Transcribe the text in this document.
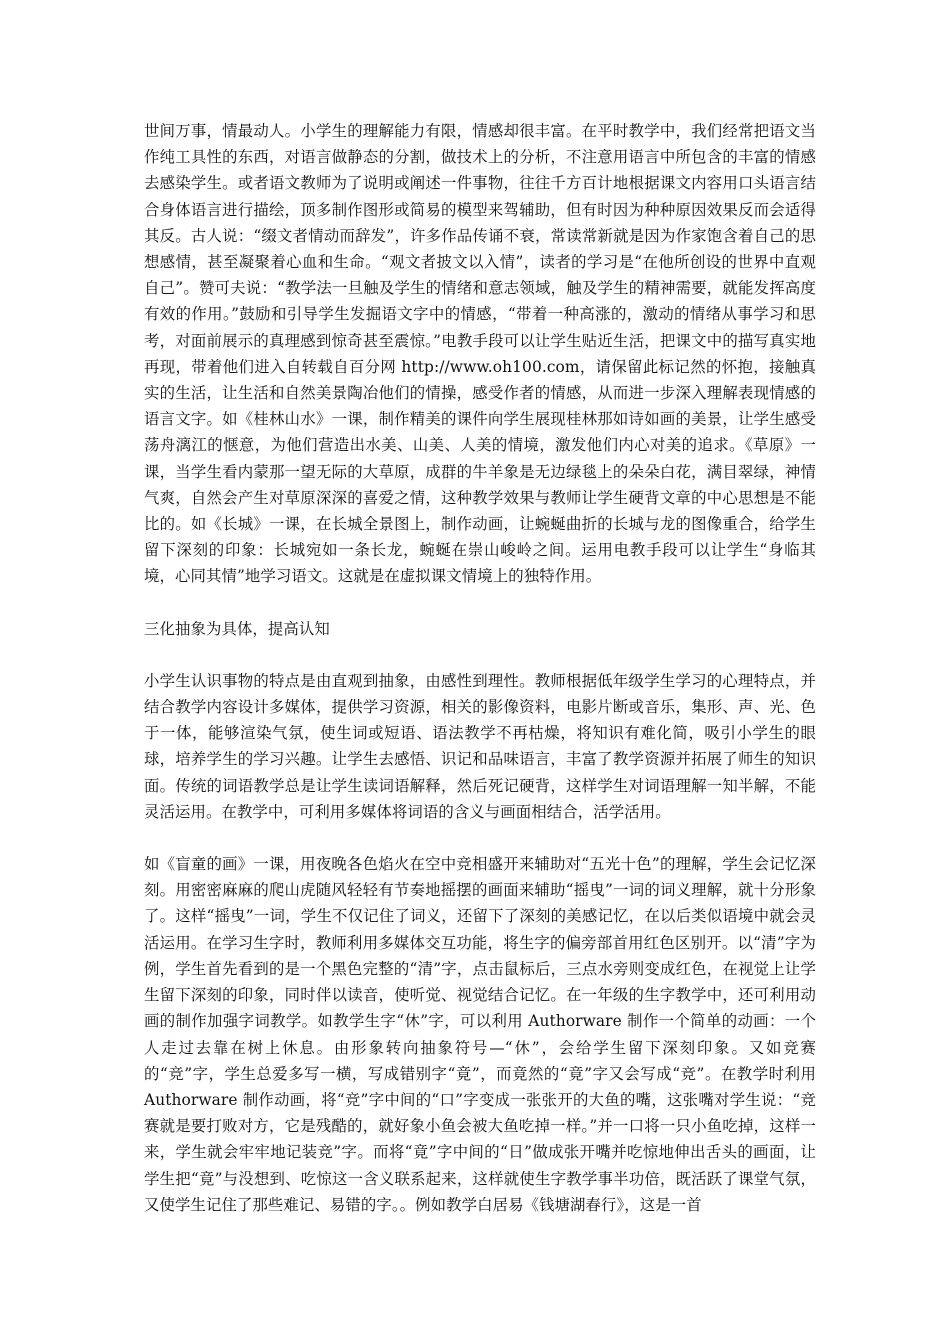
世间万事，情最动人。小学生的理解能力有限，情感却很丰富。在平时教学中，我们经常把语文当作纯工具性的东西，对语言做静态的分割，做技术上的分析，不注意用语言中所包含的丰富的情感去感染学生。或者语文教师为了说明或阐述一件事物，往往千方百计地根据课文内容用口头语言结合身体语言进行描绘，顶多制作图形或简易的模型来驾辅助，但有时因为种种原因效果反而会适得其反。古人说：“缀文者情动而辞发”，许多作品传诵不衰，常读常新就是因为作家饱含着自己的思想感情，甚至凝聚着心血和生命。“观文者披文以入情”，读者的学习是“在他所创设的世界中直观自己”。赞可夫说：“教学法一旦触及学生的情绪和意志领域，触及学生的精神需要，就能发挥高度有效的作用。”鼓励和引导学生发掘语文字中的情感，“带着一种高涨的，激动的情绪从事学习和思考，对面前展示的真理感到惊奇甚至震惊。”电教手段可以让学生贴近生活，把课文中的描写真实地再现，带着他们进入自转载自百分网 http://www.oh100.com，请保留此标记然的怀抱，接触真实的生活，让生活和自然美景陶冶他们的情操，感受作者的情感，从而进一步深入理解表现情感的语言文字。如《桂林山水》一课，制作精美的课件向学生展现桂林那如诗如画的美景，让学生感受荡舟漓江的惬意，为他们营造出水美、山美、人美的情境，激发他们内心对美的追求。《草原》一课，当学生看内蒙那一望无际的大草原，成群的牛羊象是无边绿毯上的朵朵白花，满目翠绿，神情气爽，自然会产生对草原深深的喜爱之情，这种教学效果与教师让学生硬背文章的中心思想是不能比的。如《长城》一课，在长城全景图上，制作动画，让蜿蜒曲折的长城与龙的图像重合，给学生留下深刻的印象：长城宛如一条长龙，蜿蜒在崇山峻岭之间。运用电教手段可以让学生“身临其境，心同其情”地学习语文。这就是在虚拟课文情境上的独特作用。

三化抽象为具体，提高认知

小学生认识事物的特点是由直观到抽象，由感性到理性。教师根据低年级学生学习的心理特点，并结合教学内容设计多媒体，提供学习资源，相关的影像资料，电影片断或音乐，集形、声、光、色于一体，能够渲染气氛，使生词或短语、语法教学不再枯燥，将知识有难化简，吸引小学生的眼球，培养学生的学习兴趣。让学生去感悟、识记和品味语言，丰富了教学资源并拓展了师生的知识面。传统的词语教学总是让学生读词语解释，然后死记硬背，这样学生对词语理解一知半解，不能灵活运用。在教学中，可利用多媒体将词语的含义与画面相结合，活学活用。

如《盲童的画》一课，用夜晚各色焰火在空中竞相盛开来辅助对“五光十色”的理解，学生会记忆深刻。用密密麻麻的爬山虎随风轻轻有节奏地摇摆的画面来辅助“摇曳”一词的词义理解，就十分形象了。这样“摇曳”一词，学生不仅记住了词义，还留下了深刻的美感记忆，在以后类似语境中就会灵活运用。在学习生字时，教师利用多媒体交互功能，将生字的偏旁部首用红色区别开。以“清”字为例，学生首先看到的是一个黑色完整的“清”字，点击鼠标后，三点水旁则变成红色，在视觉上让学生留下深刻的印象，同时伴以读音，使听觉、视觉结合记忆。在一年级的生字教学中，还可利用动画的制作加强字词教学。如教学生字“休”字，可以利用 Authorware 制作一个简单的动画：一个人走过去靠在树上休息。由形象转向抽象符号—“休”，会给学生留下深刻印象。又如竞赛的“竞”字，学生总爱多写一横，写成错别字“竟”，而竟然的“竟”字又会写成“竞”。在教学时利用 Authorware 制作动画，将“竞”字中间的“口”字变成一张张开的大鱼的嘴，这张嘴对学生说：“竞赛就是要打败对方，它是残酷的，就好象小鱼会被大鱼吃掉一样。”并一口将一只小鱼吃掉，这样一来，学生就会牢牢地记装竞”字。而将“竟”字中间的“日”做成张开嘴并吃惊地伸出舌头的画面，让学生把“竟”与没想到、吃惊这一含义联系起来，这样就使生字教学事半功倍，既活跃了课堂气氛，又使学生记住了那些难记、易错的字。。例如教学白居易《钱塘湖春行》，这是一首
